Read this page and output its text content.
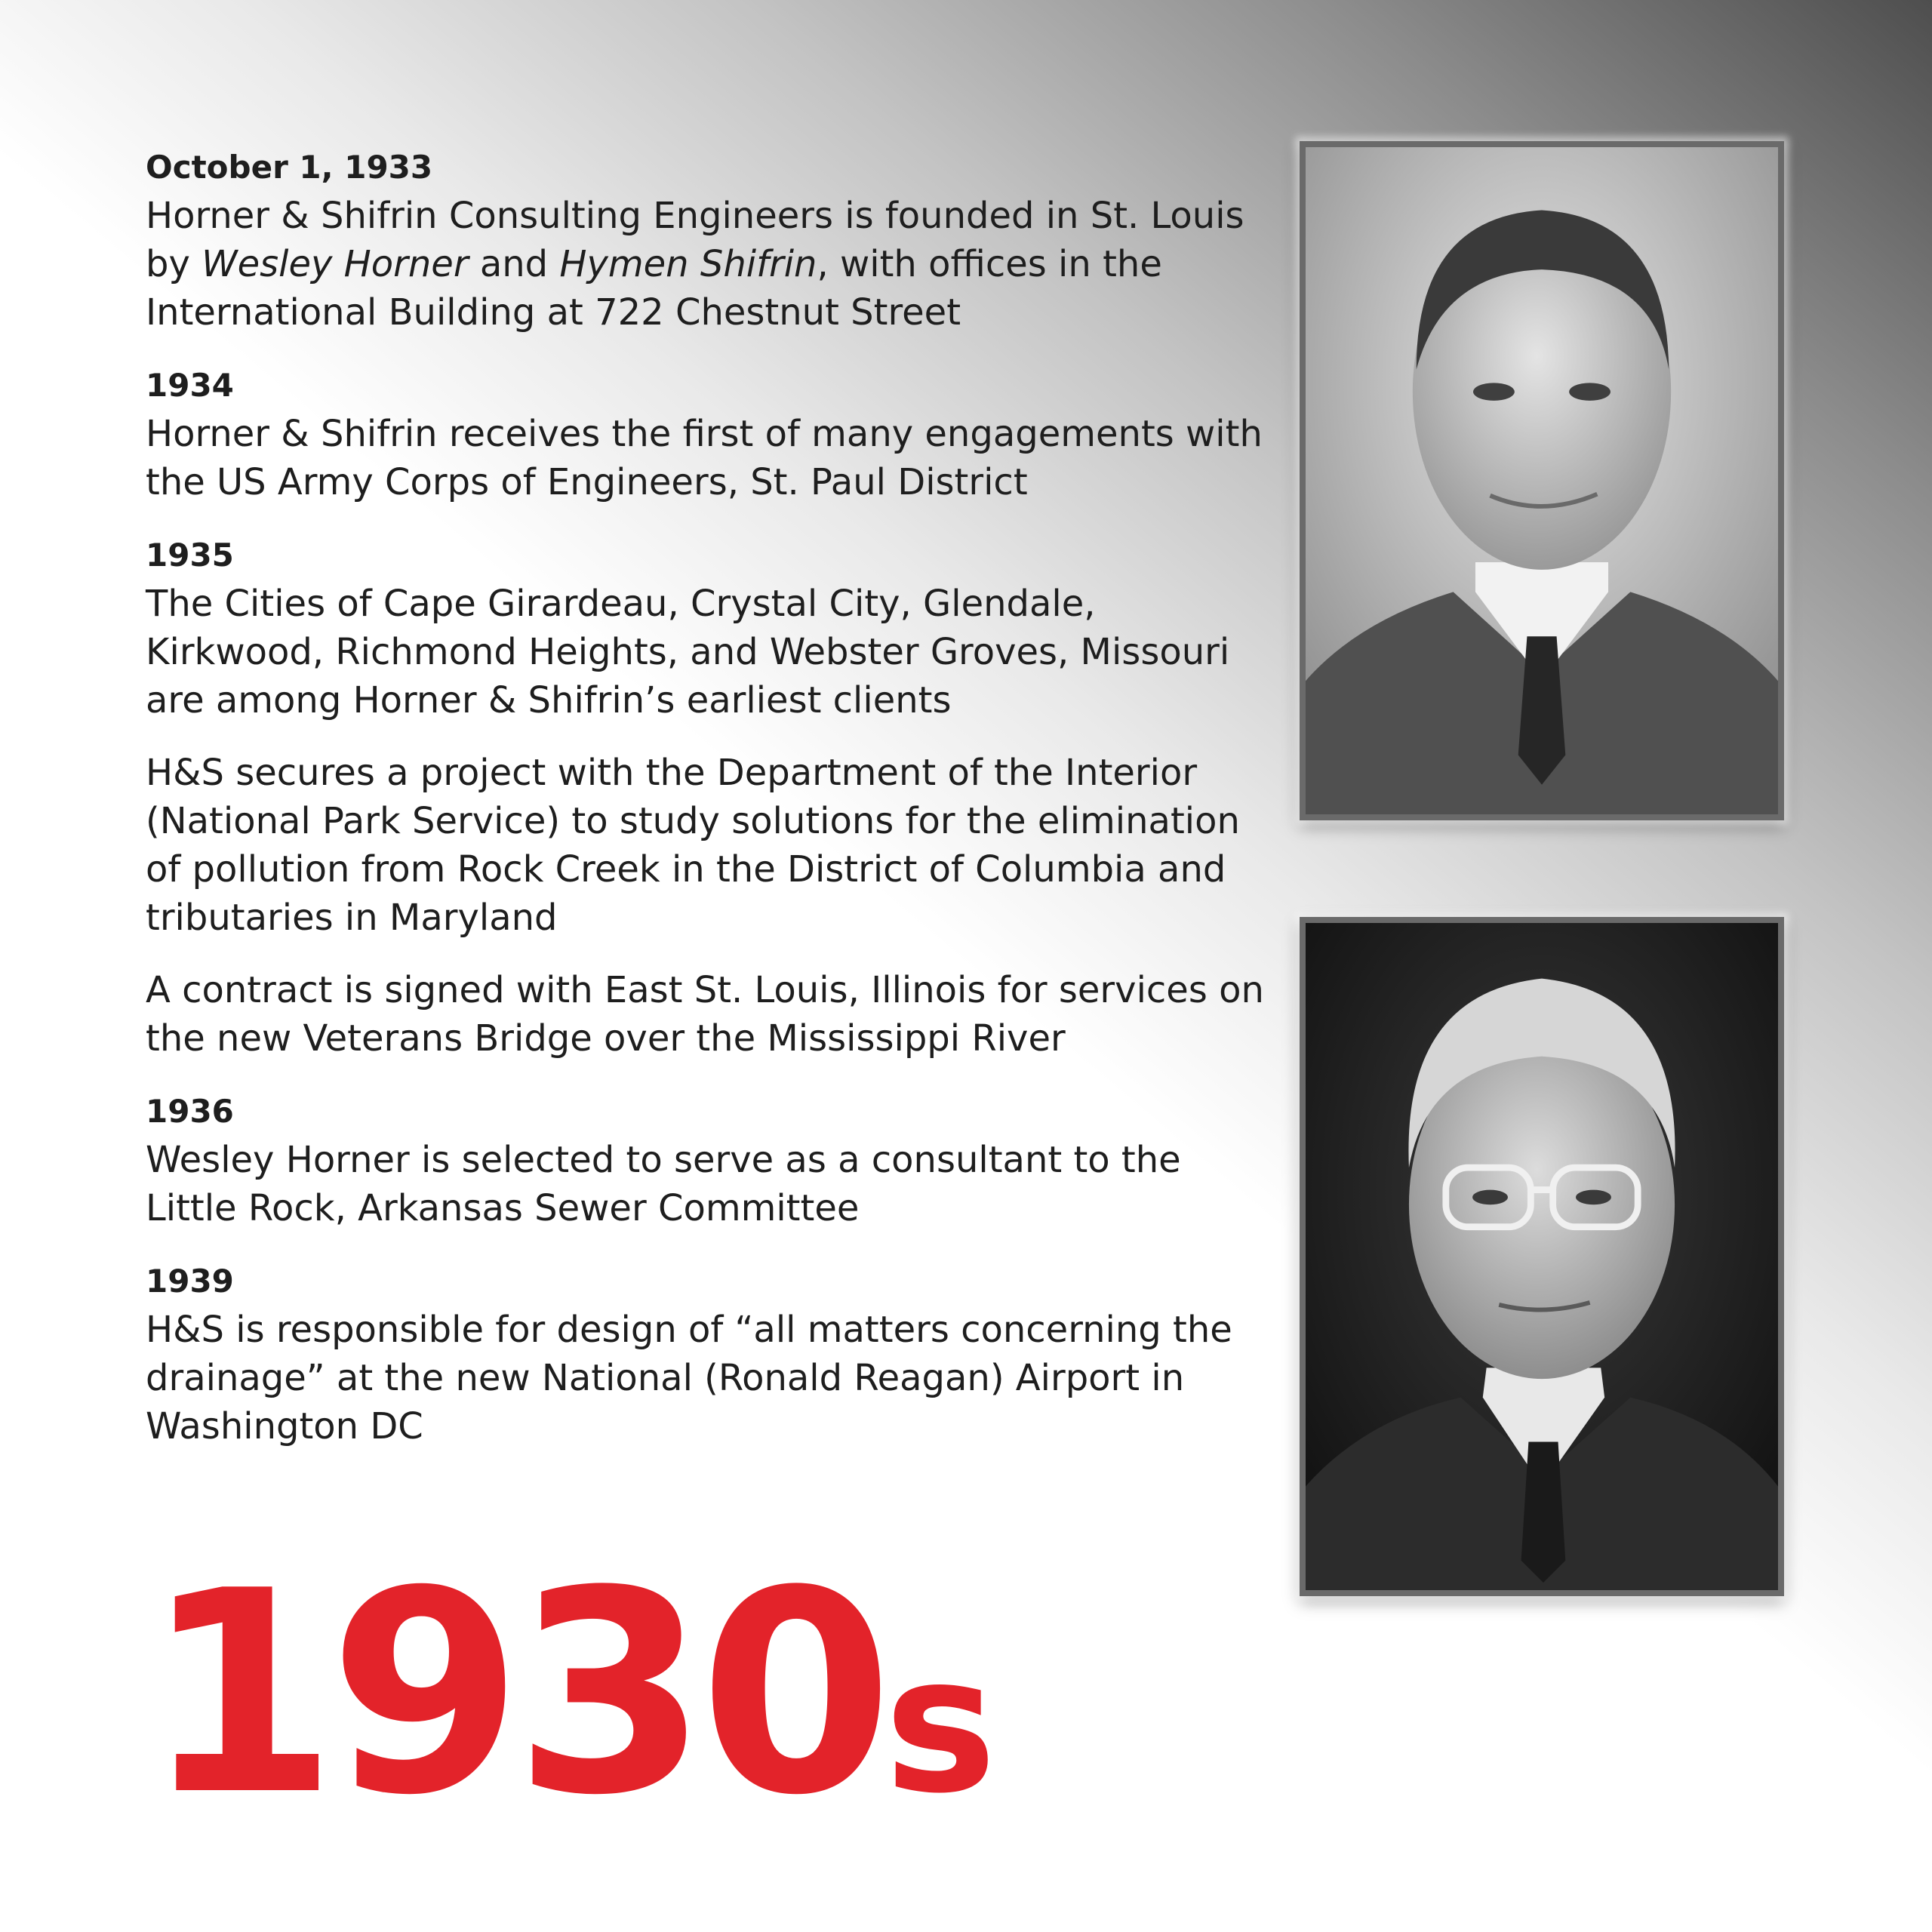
October 1, 1933

Horner & Shifrin Consulting Engineers is founded in St. Louis by Wesley Horner and Hymen Shifrin, with offices in the International Building at 722 Chestnut Street

1934

Horner & Shifrin receives the first of many engagements with the US Army Corps of Engineers, St. Paul District

1935

The Cities of Cape Girardeau, Crystal City, Glendale, Kirkwood, Richmond Heights, and Webster Groves, Missouri are among Horner & Shifrin’s earliest clients

H&S secures a project with the Department of the Interior (National Park Service) to study solutions for the elimination of pollution from Rock Creek in the District of Columbia and tributaries in Maryland

A contract is signed with East St. Louis, Illinois for services on the new Veterans Bridge over the Mississippi River

1936

Wesley Horner is selected to serve as a consultant to the Little Rock, Arkansas Sewer Committee

1939

H&S is responsible for design of “all matters concerning the drainage” at the new National (Ronald Reagan) Airport in Washington DC

1930s
